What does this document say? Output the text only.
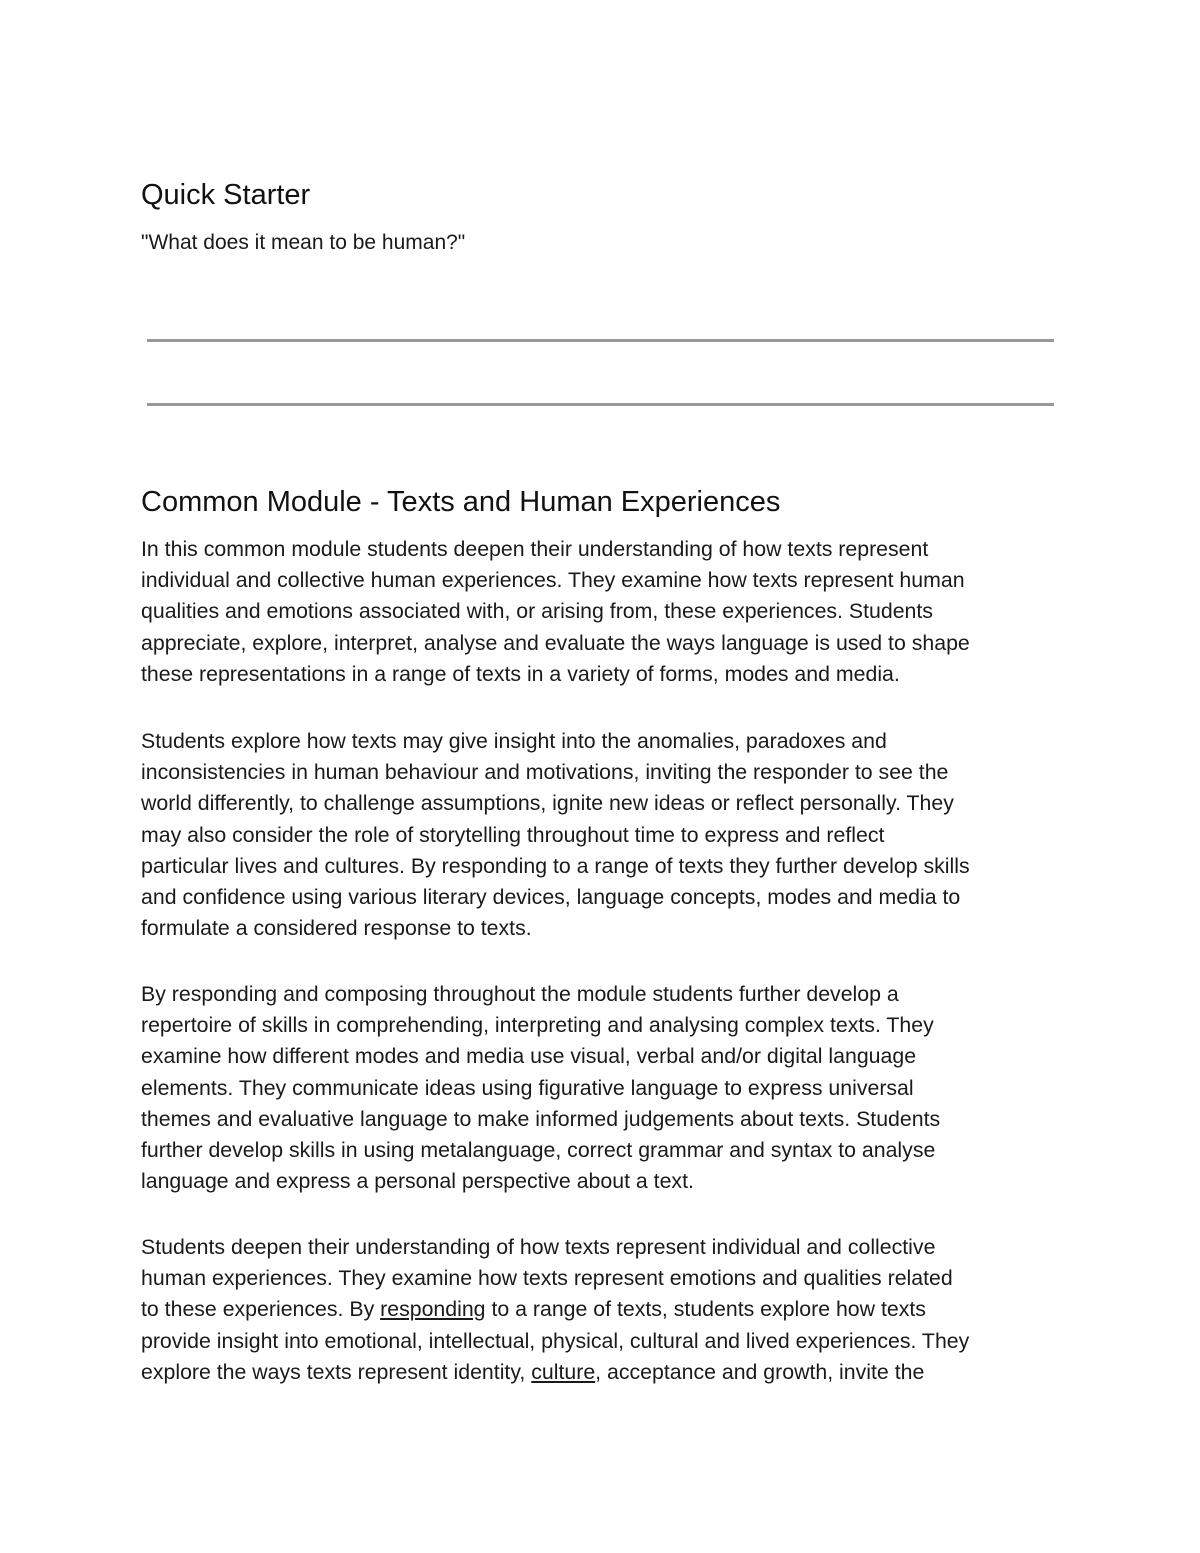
Quick Starter

"What does it mean to be human?"

Common Module - Texts and Human Experiences

In this common module students deepen their understanding of how texts represent
individual and collective human experiences. They examine how texts represent human
qualities and emotions associated with, or arising from, these experiences. Students
appreciate, explore, interpret, analyse and evaluate the ways language is used to shape
these representations in a range of texts in a variety of forms, modes and media.

Students explore how texts may give insight into the anomalies, paradoxes and
inconsistencies in human behaviour and motivations, inviting the responder to see the
world differently, to challenge assumptions, ignite new ideas or reflect personally. They
may also consider the role of storytelling throughout time to express and reflect
particular lives and cultures. By responding to a range of texts they further develop skills
and confidence using various literary devices, language concepts, modes and media to
formulate a considered response to texts.

By responding and composing throughout the module students further develop a
repertoire of skills in comprehending, interpreting and analysing complex texts. They
examine how different modes and media use visual, verbal and/or digital language
elements. They communicate ideas using figurative language to express universal
themes and evaluative language to make informed judgements about texts. Students
further develop skills in using metalanguage, correct grammar and syntax to analyse
language and express a personal perspective about a text.

Students deepen their understanding of how texts represent individual and collective
human experiences. They examine how texts represent emotions and qualities related
to these experiences. By responding to a range of texts, students explore how texts
provide insight into emotional, intellectual, physical, cultural and lived experiences. They
explore the ways texts represent identity, culture, acceptance and growth, invite the
